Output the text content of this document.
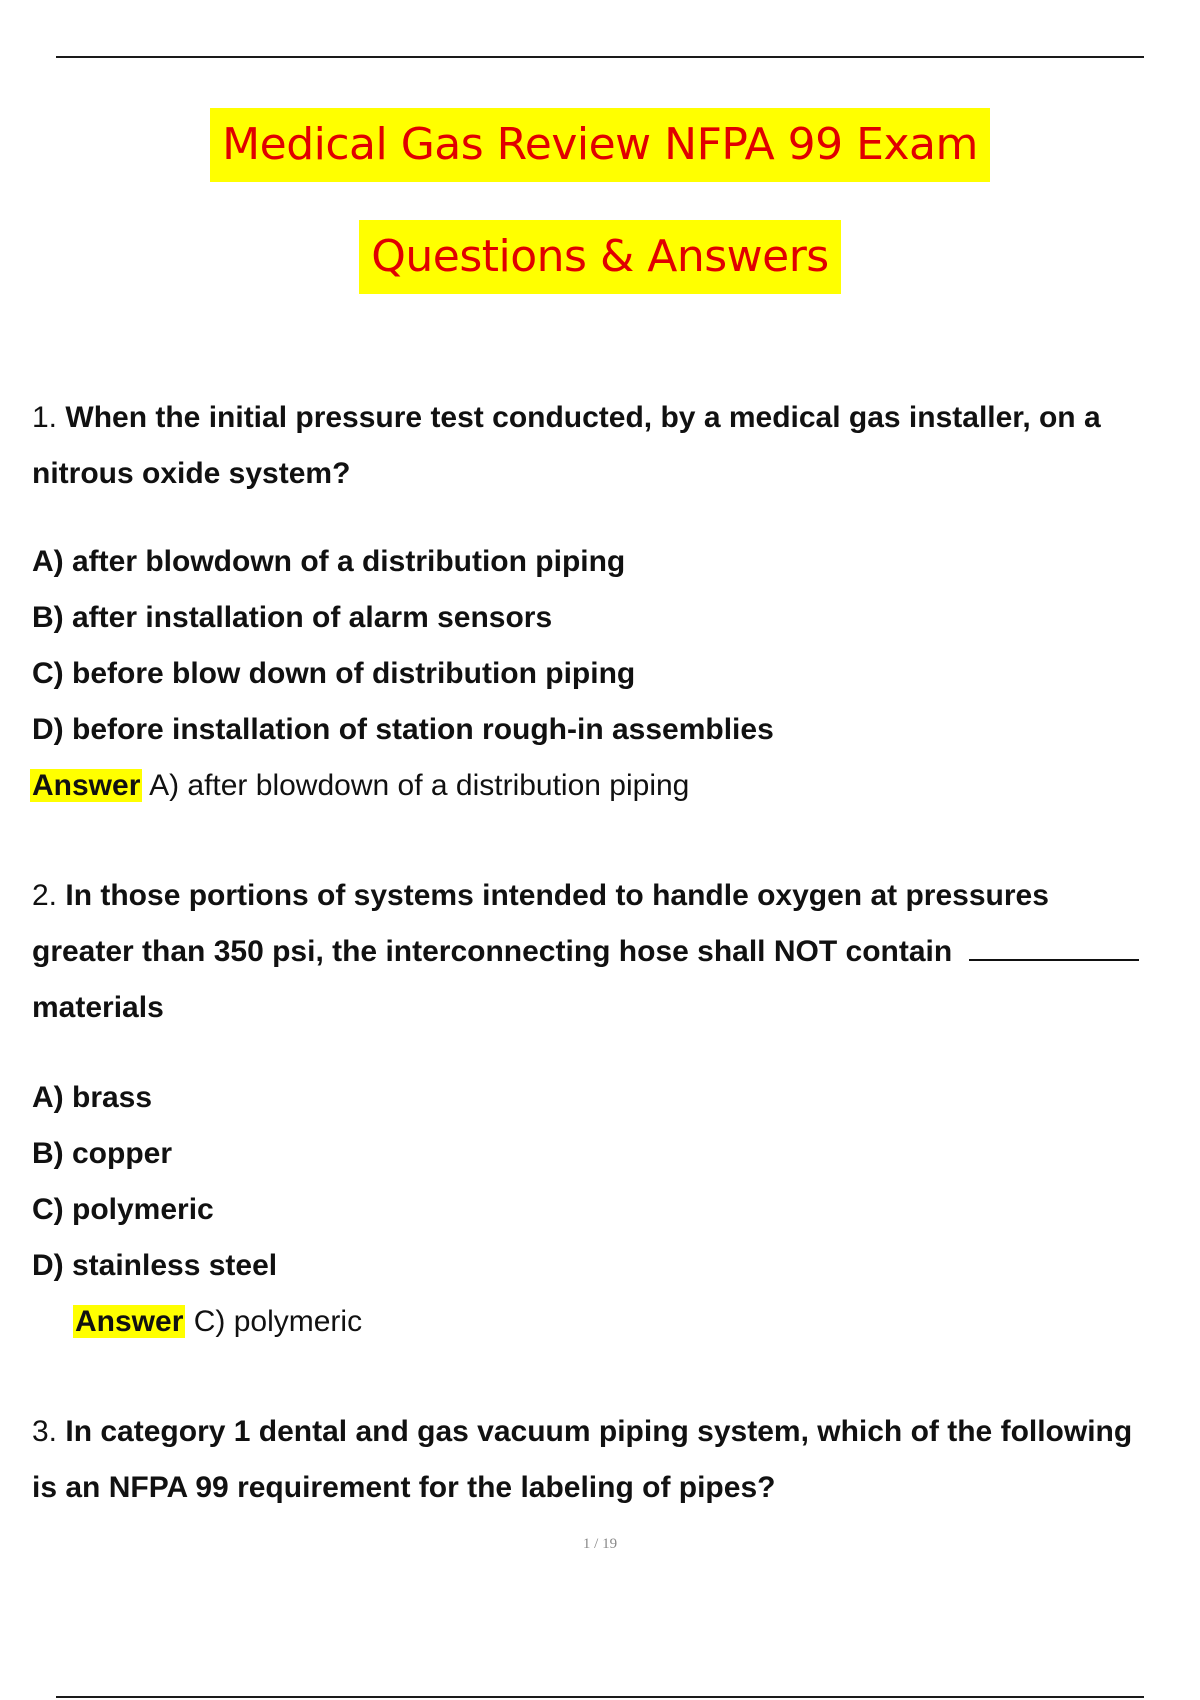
Medical Gas Review NFPA 99 Exam
Questions & Answers
1. When the initial pressure test conducted, by a medical gas installer, on a
nitrous oxide system?
A) after blowdown of a distribution piping
B) after installation of alarm sensors
C) before blow down of distribution piping
D) before installation of station rough-in assemblies
Answer A) after blowdown of a distribution piping
2. In those portions of systems intended to handle oxygen at pressures
greater than 350 psi, the interconnecting hose shall NOT contain
materials
A) brass
B) copper
C) polymeric
D) stainless steel
Answer C) polymeric
3. In category 1 dental and gas vacuum piping system, which of the following
is an NFPA 99 requirement for the labeling of pipes?
1 / 19
